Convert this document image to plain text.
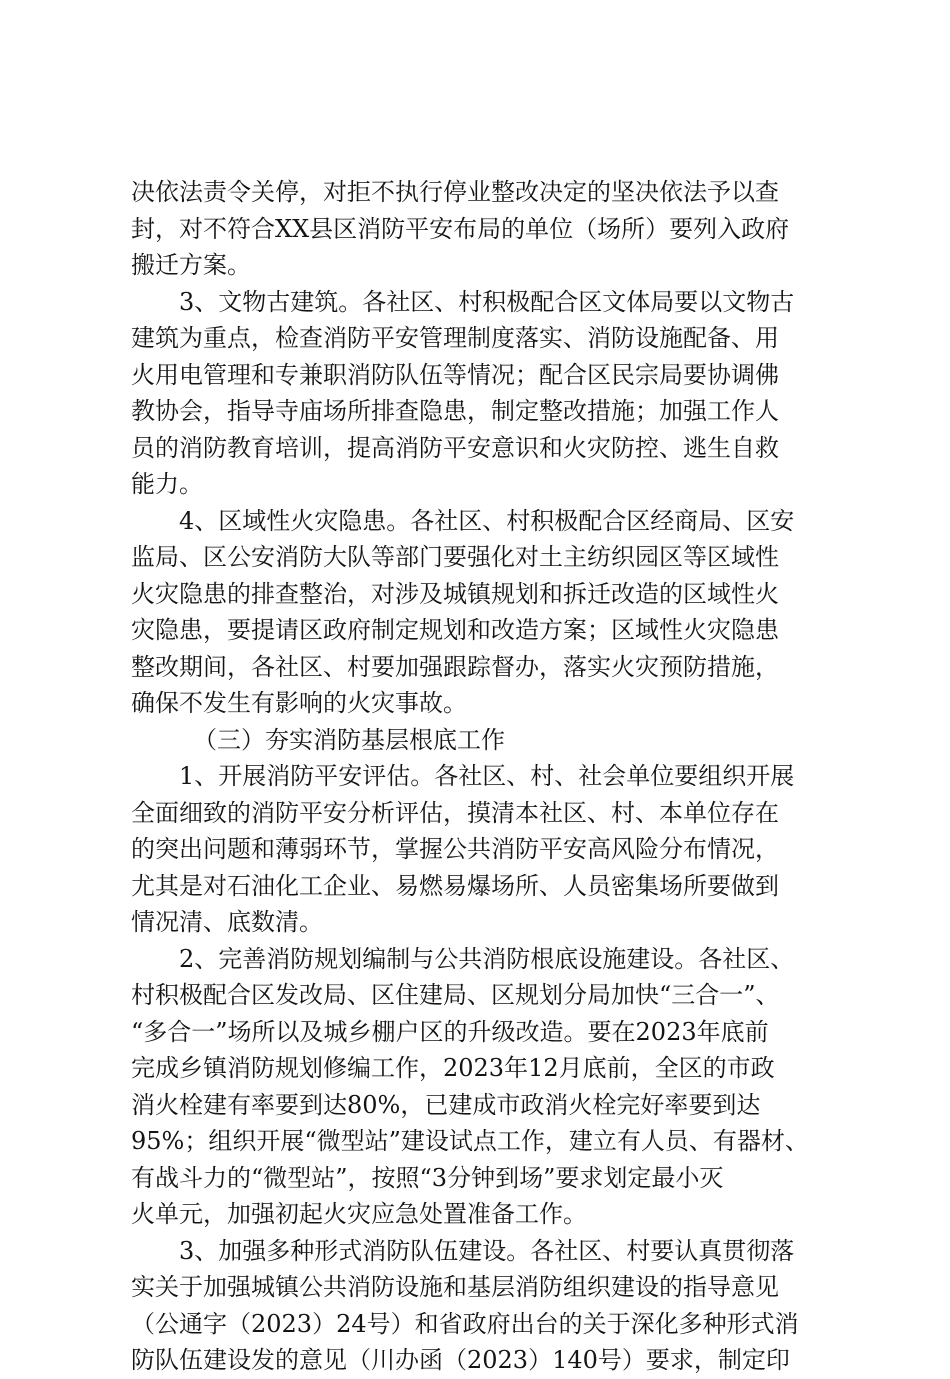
决依法责令关停，对拒不执行停业整改决定的坚决依法予以查
封，对不符合XX县区消防平安布局的单位（场所）要列入政府
搬迁方案。
3、文物古建筑。各社区、村积极配合区文体局要以文物古
建筑为重点，检查消防平安管理制度落实、消防设施配备、用
火用电管理和专兼职消防队伍等情况；配合区民宗局要协调佛
教协会，指导寺庙场所排查隐患，制定整改措施；加强工作人
员的消防教育培训，提高消防平安意识和火灾防控、逃生自救
能力。
4、区域性火灾隐患。各社区、村积极配合区经商局、区安
监局、区公安消防大队等部门要强化对土主纺织园区等区域性
火灾隐患的排查整治，对涉及城镇规划和拆迁改造的区域性火
灾隐患，要提请区政府制定规划和改造方案；区域性火灾隐患
整改期间，各社区、村要加强跟踪督办，落实火灾预防措施，
确保不发生有影响的火灾事故。
（三）夯实消防基层根底工作
1、开展消防平安评估。各社区、村、社会单位要组织开展
全面细致的消防平安分析评估，摸清本社区、村、本单位存在
的突出问题和薄弱环节，掌握公共消防平安高风险分布情况，
尤其是对石油化工企业、易燃易爆场所、人员密集场所要做到
情况清、底数清。
2、完善消防规划编制与公共消防根底设施建设。各社区、
村积极配合区发改局、区住建局、区规划分局加快“三合一”、
“多合一”场所以及城乡棚户区的升级改造。要在2023年底前
完成乡镇消防规划修编工作，2023年12月底前，全区的市政
消火栓建有率要到达80%，已建成市政消火栓完好率要到达
95%；组织开展“微型站”建设试点工作，建立有人员、有器材、
有战斗力的“微型站”，按照“3分钟到场”要求划定最小灭
火单元，加强初起火灾应急处置准备工作。
3、加强多种形式消防队伍建设。各社区、村要认真贯彻落
实关于加强城镇公共消防设施和基层消防组织建设的指导意见
（公通字（2023）24号）和省政府出台的关于深化多种形式消
防队伍建设发的意见（川办函（2023）140号）要求，制定印
